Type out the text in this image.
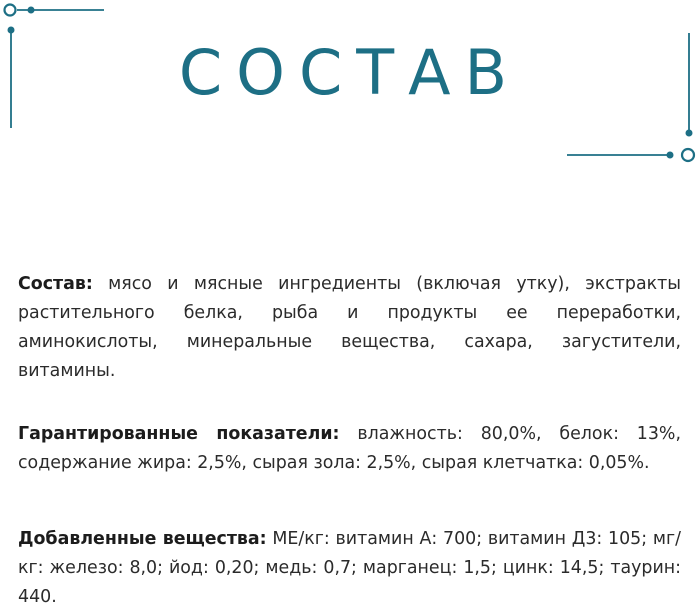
СОСТАВ
Состав: мясо и мясные ингредиенты (включая утку), экстракты растительного белка, рыба и продукты ее переработки, аминокислоты, минеральные вещества, сахара, загустители, витамины.
Гарантированные показатели: влажность: 80,0%, белок: 13%, содержание жира: 2,5%, сырая зола: 2,5%, сырая клетчатка: 0,05%.
Добавленные вещества: МЕ/кг: витамин А: 700; витамин Д3: 105; мг/кг: железо: 8,0; йод: 0,20; медь: 0,7; марганец: 1,5; цинк: 14,5; таурин: 440.
